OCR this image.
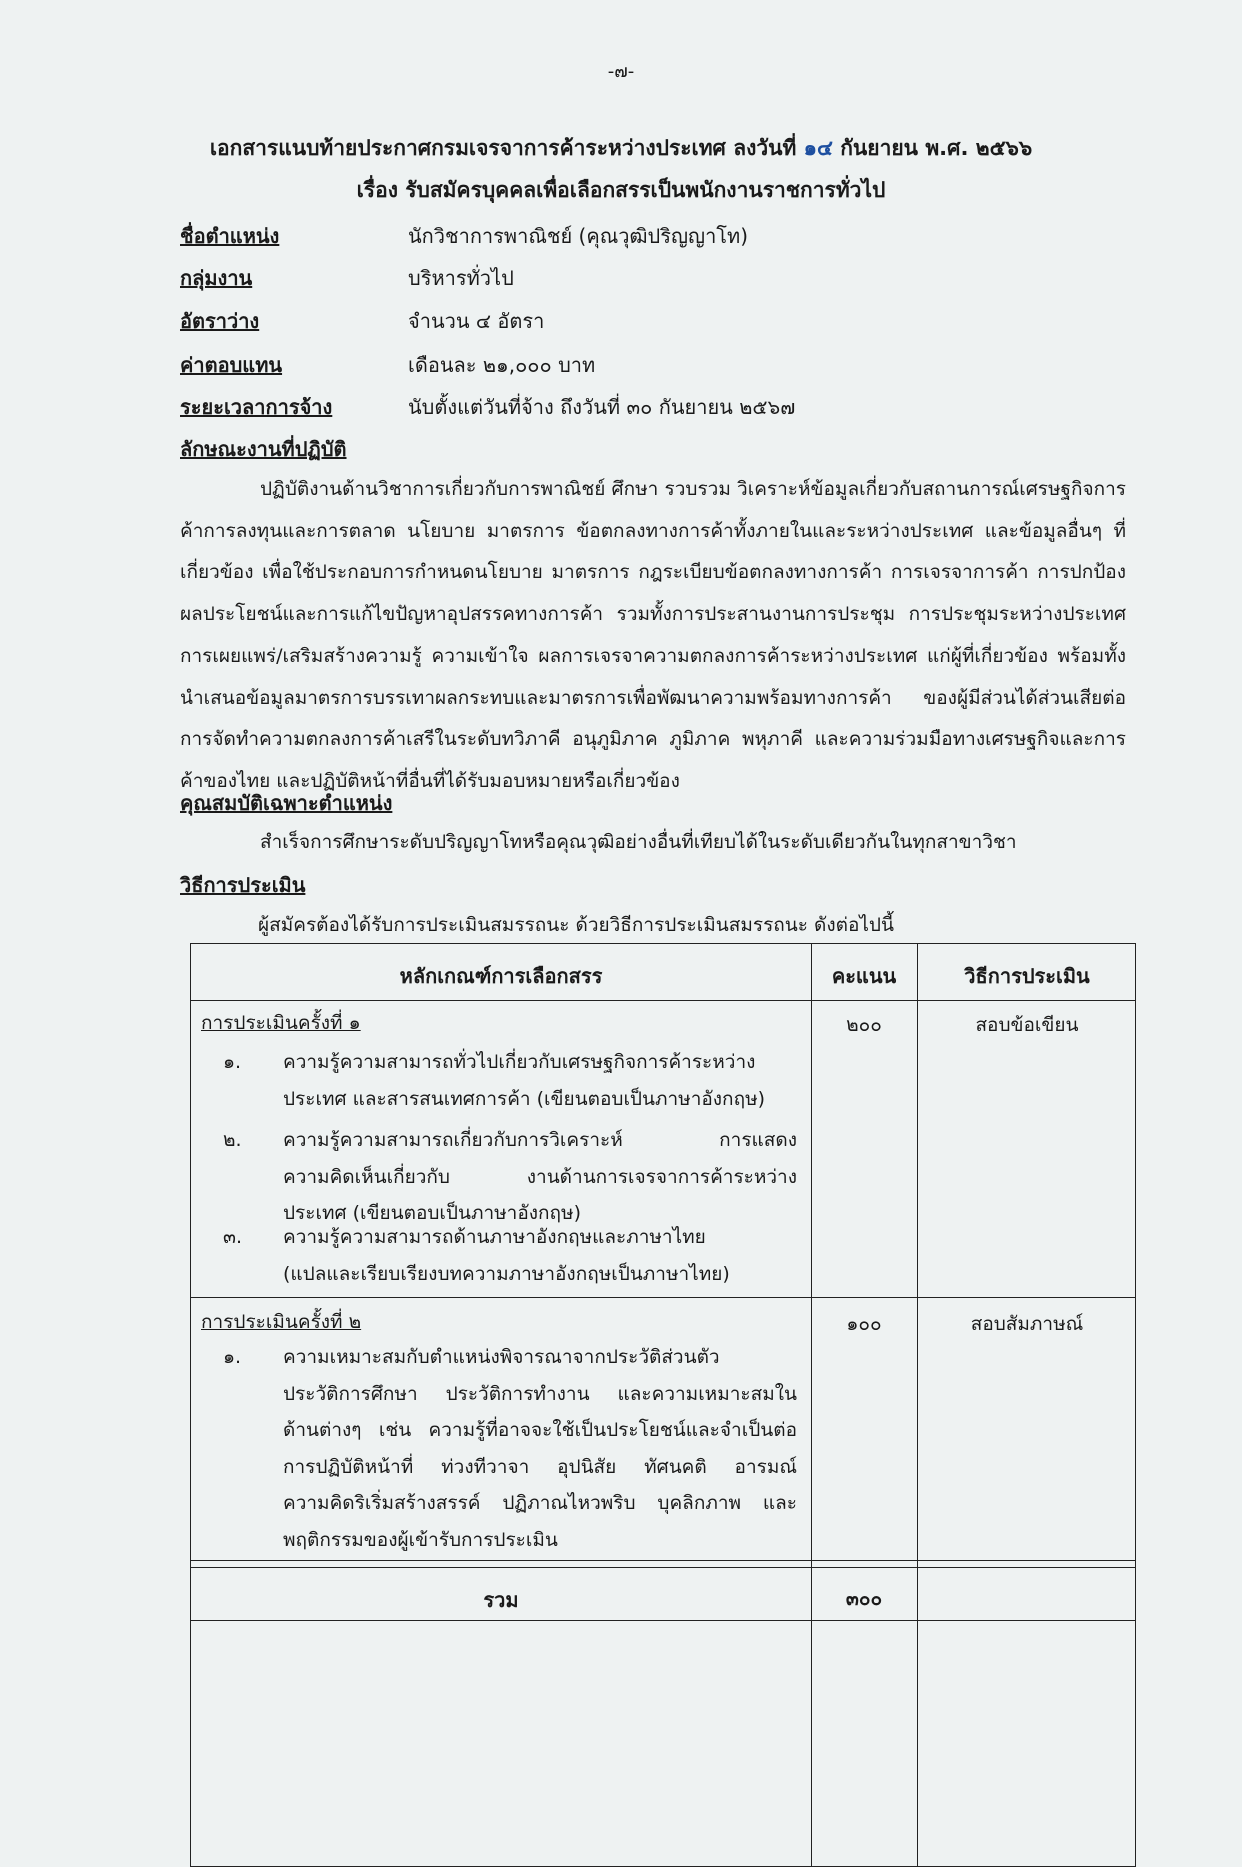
-๗-
เอกสารแนบท้ายประกาศกรมเจรจาการค้าระหว่างประเทศ ลงวันที่ ๑๔ กันยายน พ.ศ. ๒๕๖๖
เรื่อง รับสมัครบุคคลเพื่อเลือกสรรเป็นพนักงานราชการทั่วไป
ชื่อตำแหน่ง	นักวิชาการพาณิชย์ (คุณวุฒิปริญญาโท)
กลุ่มงาน	บริหารทั่วไป
อัตราว่าง	จำนวน ๔ อัตรา
ค่าตอบแทน	เดือนละ ๒๑,๐๐๐ บาท
ระยะเวลาการจ้าง	นับตั้งแต่วันที่จ้าง ถึงวันที่ ๓๐ กันยายน ๒๕๖๗
ลักษณะงานที่ปฏิบัติ

ปฏิบัติงานด้านวิชาการเกี่ยวกับการพาณิชย์ ศึกษา รวบรวม วิเคราะห์ข้อมูลเกี่ยวกับสถานการณ์เศรษฐกิจการค้าการลงทุนและการตลาด นโยบาย มาตรการ ข้อตกลงทางการค้าทั้งภายในและระหว่างประเทศ และข้อมูลอื่นๆ ที่เกี่ยวข้อง เพื่อใช้ประกอบการกำหนดนโยบาย มาตรการ กฎระเบียบข้อตกลงทางการค้า การเจรจาการค้า การปกป้องผลประโยชน์และการแก้ไขปัญหาอุปสรรคทางการค้า รวมทั้งการประสานงานการประชุม การประชุมระหว่างประเทศ การเผยแพร่/เสริมสร้างความรู้ ความเข้าใจ ผลการเจรจาความตกลงการค้าระหว่างประเทศ แก่ผู้ที่เกี่ยวข้อง พร้อมทั้งนำเสนอข้อมูลมาตรการบรรเทาผลกระทบและมาตรการเพื่อพัฒนาความพร้อมทางการค้า ของผู้มีส่วนได้ส่วนเสียต่อการจัดทำความตกลงการค้าเสรีในระดับทวิภาคี อนุภูมิภาค ภูมิภาค พหุภาคี และความร่วมมือทางเศรษฐกิจและการค้าของไทย และปฏิบัติหน้าที่อื่นที่ได้รับมอบหมายหรือเกี่ยวข้อง

คุณสมบัติเฉพาะตำแหน่ง

สำเร็จการศึกษาระดับปริญญาโทหรือคุณวุฒิอย่างอื่นที่เทียบได้ในระดับเดียวกันในทุกสาขาวิชา

วิธีการประเมิน
ผู้สมัครต้องได้รับการประเมินสมรรถนะ ด้วยวิธีการประเมินสมรรถนะ ดังต่อไปนี้
หลักเกณฑ์การเลือกสรร	คะแนน	วิธีการประเมิน
การประเมินครั้งที่ ๑	๒๐๐	สอบข้อเขียน
๑. ความรู้ความสามารถทั่วไปเกี่ยวกับเศรษฐกิจการค้าระหว่าง
ประเทศ และสารสนเทศการค้า (เขียนตอบเป็นภาษาอังกฤษ)
๒. ความรู้ความสามารถเกี่ยวกับการวิเคราะห์ การแสดง
ความคิดเห็นเกี่ยวกับ งานด้านการเจรจาการค้าระหว่าง
ประเทศ (เขียนตอบเป็นภาษาอังกฤษ)
๓. ความรู้ความสามารถด้านภาษาอังกฤษและภาษาไทย
(แปลและเรียบเรียงบทความภาษาอังกฤษเป็นภาษาไทย)
การประเมินครั้งที่ ๒	๑๐๐	สอบสัมภาษณ์
๑. ความเหมาะสมกับตำแหน่งพิจารณาจากประวัติส่วนตัว
ประวัติการศึกษา ประวัติการทำงาน และความเหมาะสมใน
ด้านต่างๆ เช่น ความรู้ที่อาจจะใช้เป็นประโยชน์และจำเป็นต่อ
การปฏิบัติหน้าที่ ท่วงทีวาจา อุปนิสัย ทัศนคติ อารมณ์
ความคิดริเริ่มสร้างสรรค์ ปฏิภาณไหวพริบ บุคลิกภาพ และ
พฤติกรรมของผู้เข้ารับการประเมิน
รวม	๓๐๐
